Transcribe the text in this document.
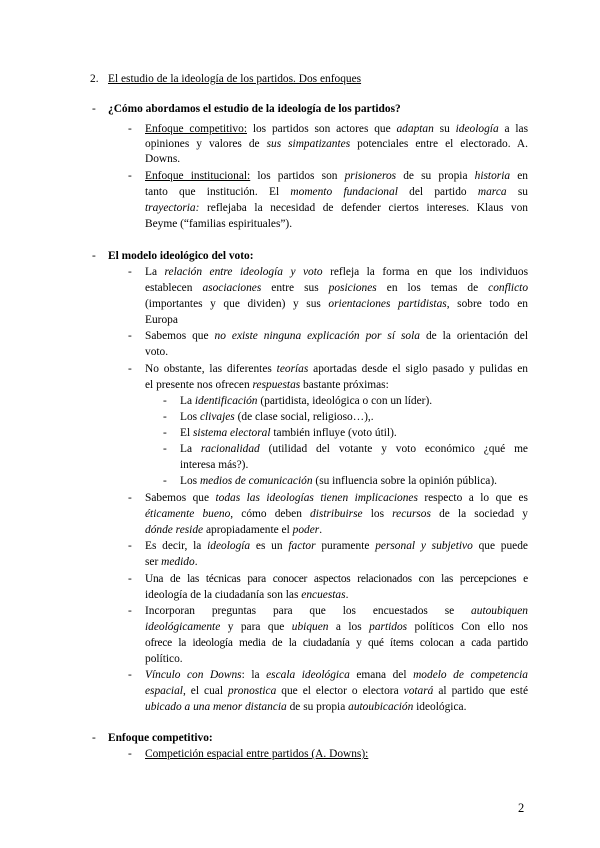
2. El estudio de la ideología de los partidos. Dos enfoques
- ¿Cómo abordamos el estudio de la ideología de los partidos?
- Enfoque competitivo: los partidos son actores que adaptan su ideología a las
opiniones y valores de sus simpatizantes potenciales entre el electorado. A.
Downs.
- Enfoque institucional: los partidos son prisioneros de su propia historia en
tanto que institución. El momento fundacional del partido marca su
trayectoria: reflejaba la necesidad de defender ciertos intereses. Klaus von
Beyme (“familias espirituales”).
- El modelo ideológico del voto:
- La relación entre ideología y voto refleja la forma en que los individuos
establecen asociaciones entre sus posiciones en los temas de conflicto
(importantes y que dividen) y sus orientaciones partidistas, sobre todo en
Europa
- Sabemos que no existe ninguna explicación por sí sola de la orientación del
voto.
- No obstante, las diferentes teorías aportadas desde el siglo pasado y pulidas en
el presente nos ofrecen respuestas bastante próximas:
- La identificación (partidista, ideológica o con un líder).
- Los clivajes (de clase social, religioso…),.
- El sistema electoral también influye (voto útil).
- La racionalidad (utilidad del votante y voto económico ¿qué me
interesa más?).
- Los medios de comunicación (su influencia sobre la opinión pública).
- Sabemos que todas las ideologías tienen implicaciones respecto a lo que es
éticamente bueno, cómo deben distribuirse los recursos de la sociedad y
dónde reside apropiadamente el poder.
- Es decir, la ideología es un factor puramente personal y subjetivo que puede
ser medido.
- Una de las técnicas para conocer aspectos relacionados con las percepciones e
ideología de la ciudadanía son las encuestas.
- Incorporan preguntas para que los encuestados se autoubiquen
ideológicamente y para que ubiquen a los partidos políticos Con ello nos
ofrece la ideología media de la ciudadanía y qué ítems colocan a cada partido
político.
- Vínculo con Downs: la escala ideológica emana del modelo de competencia
espacial, el cual pronostica que el elector o electora votará al partido que esté
ubicado a una menor distancia de su propia autoubicación ideológica.
- Enfoque competitivo:
- Competición espacial entre partidos (A. Downs):
2
